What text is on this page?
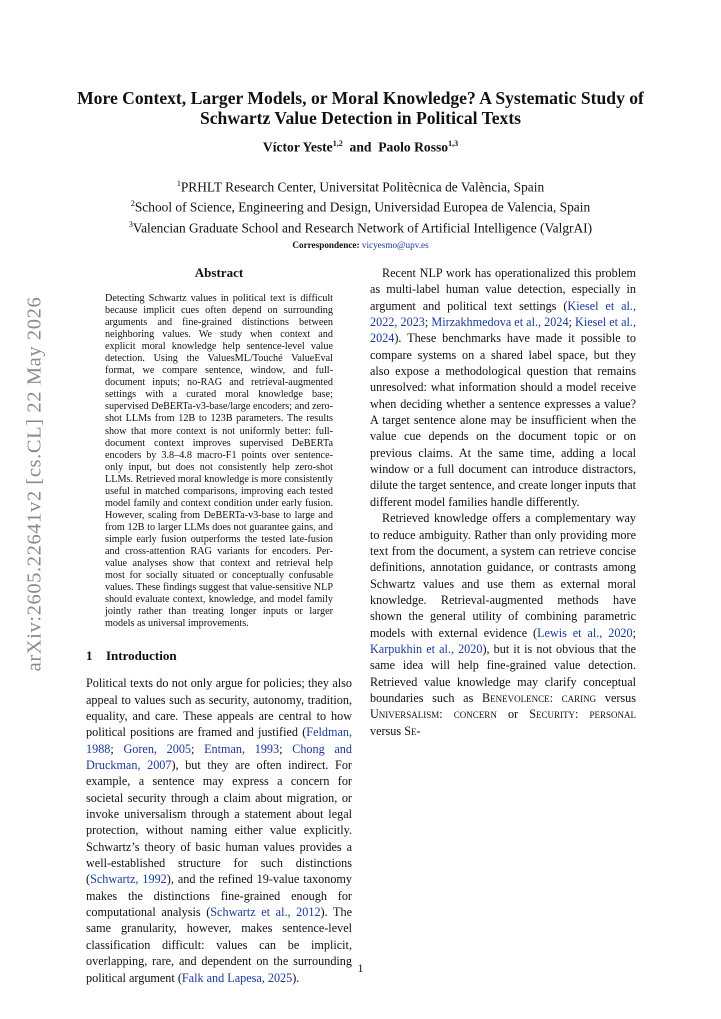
arXiv:2605.22641v2 [cs.CL] 22 May 2026
More Context, Larger Models, or Moral Knowledge? A Systematic Study of Schwartz Value Detection in Political Texts
Víctor Yeste$^{1,2}$ and Paolo Rosso$^{1,3}$
$^1$PRHLT Research Center, Universitat Politècnica de València, Spain
$^2$School of Science, Engineering and Design, Universidad Europea de Valencia, Spain
$^3$Valencian Graduate School and Research Network of Artificial Intelligence (ValgrAI)
Correspondence: vicyesmo@upv.es
Abstract

Detecting Schwartz values in political text is difficult because implicit cues often depend on surrounding arguments and fine-grained distinctions between neighboring values. We study when context and explicit moral knowledge help sentence-level value detection. Using the ValuesML/Touché ValueEval format, we compare sentence, window, and full-document inputs; no-RAG and retrieval-augmented settings with a curated moral knowledge base; supervised DeBERTa-v3-base/large encoders; and zero-shot LLMs from 12B to 123B parameters. The results show that more context is not uniformly better: full-document context improves supervised DeBERTa encoders by 3.8–4.8 macro-F1 points over sentence-only input, but does not consistently help zero-shot LLMs. Retrieved moral knowledge is more consistently useful in matched comparisons, improving each tested model family and context condition under early fusion. However, scaling from DeBERTa-v3-base to large and from 12B to larger LLMs does not guarantee gains, and simple early fusion outperforms the tested late-fusion and cross-attention RAG variants for encoders. Per-value analyses show that context and retrieval help most for socially situated or conceptually confusable values. These findings suggest that value-sensitive NLP should evaluate context, knowledge, and model family jointly rather than treating longer inputs or larger models as universal improvements.

1 Introduction

Political texts do not only argue for policies; they also appeal to values such as security, autonomy, tradition, equality, and care. These appeals are central to how political positions are framed and justified (Feldman, 1988; Goren, 2005; Entman, 1993; Chong and Druckman, 2007), but they are often indirect. For example, a sentence may express a concern for societal security through a claim about migration, or invoke universalism through a statement about legal protection, without naming either value explicitly. Schwartz’s theory of basic human values provides a well-established structure for such distinctions (Schwartz, 1992), and the refined 19-value taxonomy makes the distinctions fine-grained enough for computational analysis (Schwartz et al., 2012). The same granularity, however, makes sentence-level classification difficult: values can be implicit, overlapping, rare, and dependent on the surrounding political argument (Falk and Lapesa, 2025).

Recent NLP work has operationalized this problem as multi-label human value detection, especially in argument and political text settings (Kiesel et al., 2022, 2023; Mirzakhmedova et al., 2024; Kiesel et al., 2024). These benchmarks have made it possible to compare systems on a shared label space, but they also expose a methodological question that remains unresolved: what information should a model receive when deciding whether a sentence expresses a value? A target sentence alone may be insufficient when the value cue depends on the document topic or on previous claims. At the same time, adding a local window or a full document can introduce distractors, dilute the target sentence, and create longer inputs that different model families handle differently.

Retrieved knowledge offers a complementary way to reduce ambiguity. Rather than only providing more text from the document, a system can retrieve concise definitions, annotation guidance, or contrasts among Schwartz values and use them as external moral knowledge. Retrieval-augmented methods have shown the general utility of combining parametric models with external evidence (Lewis et al., 2020; Karpukhin et al., 2020), but it is not obvious that the same idea will help fine-grained value detection. Retrieved value knowledge may clarify conceptual boundaries such as Benevolence: caring versus Universalism: concern or Security: personal versus Se-

1
